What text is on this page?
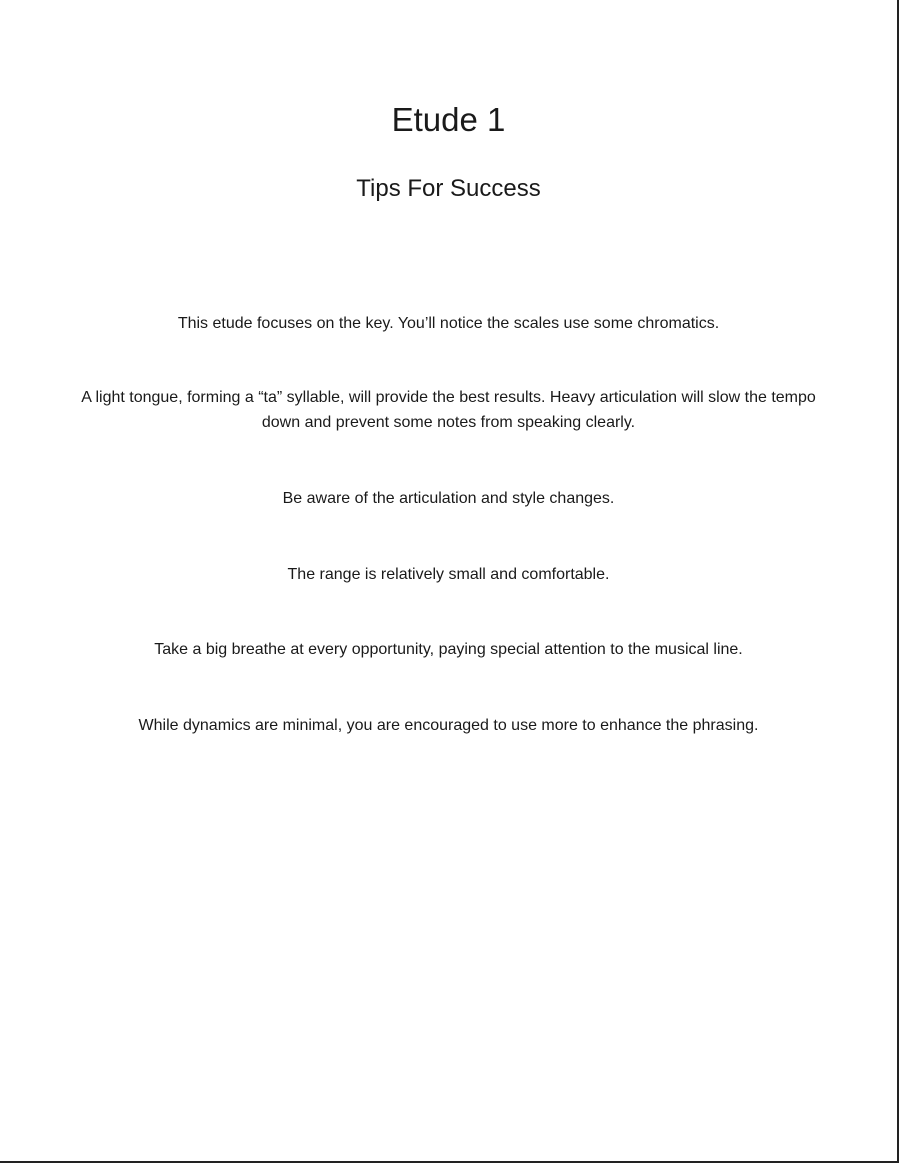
Etude 1
Tips For Success

This etude focuses on the key. You’ll notice the scales use some chromatics.

A light tongue, forming a “ta” syllable, will provide the best results. Heavy articulation will slow the tempo down and prevent some notes from speaking clearly.

Be aware of the articulation and style changes.

The range is relatively small and comfortable.

Take a big breathe at every opportunity, paying special attention to the musical line.

While dynamics are minimal, you are encouraged to use more to enhance the phrasing.
